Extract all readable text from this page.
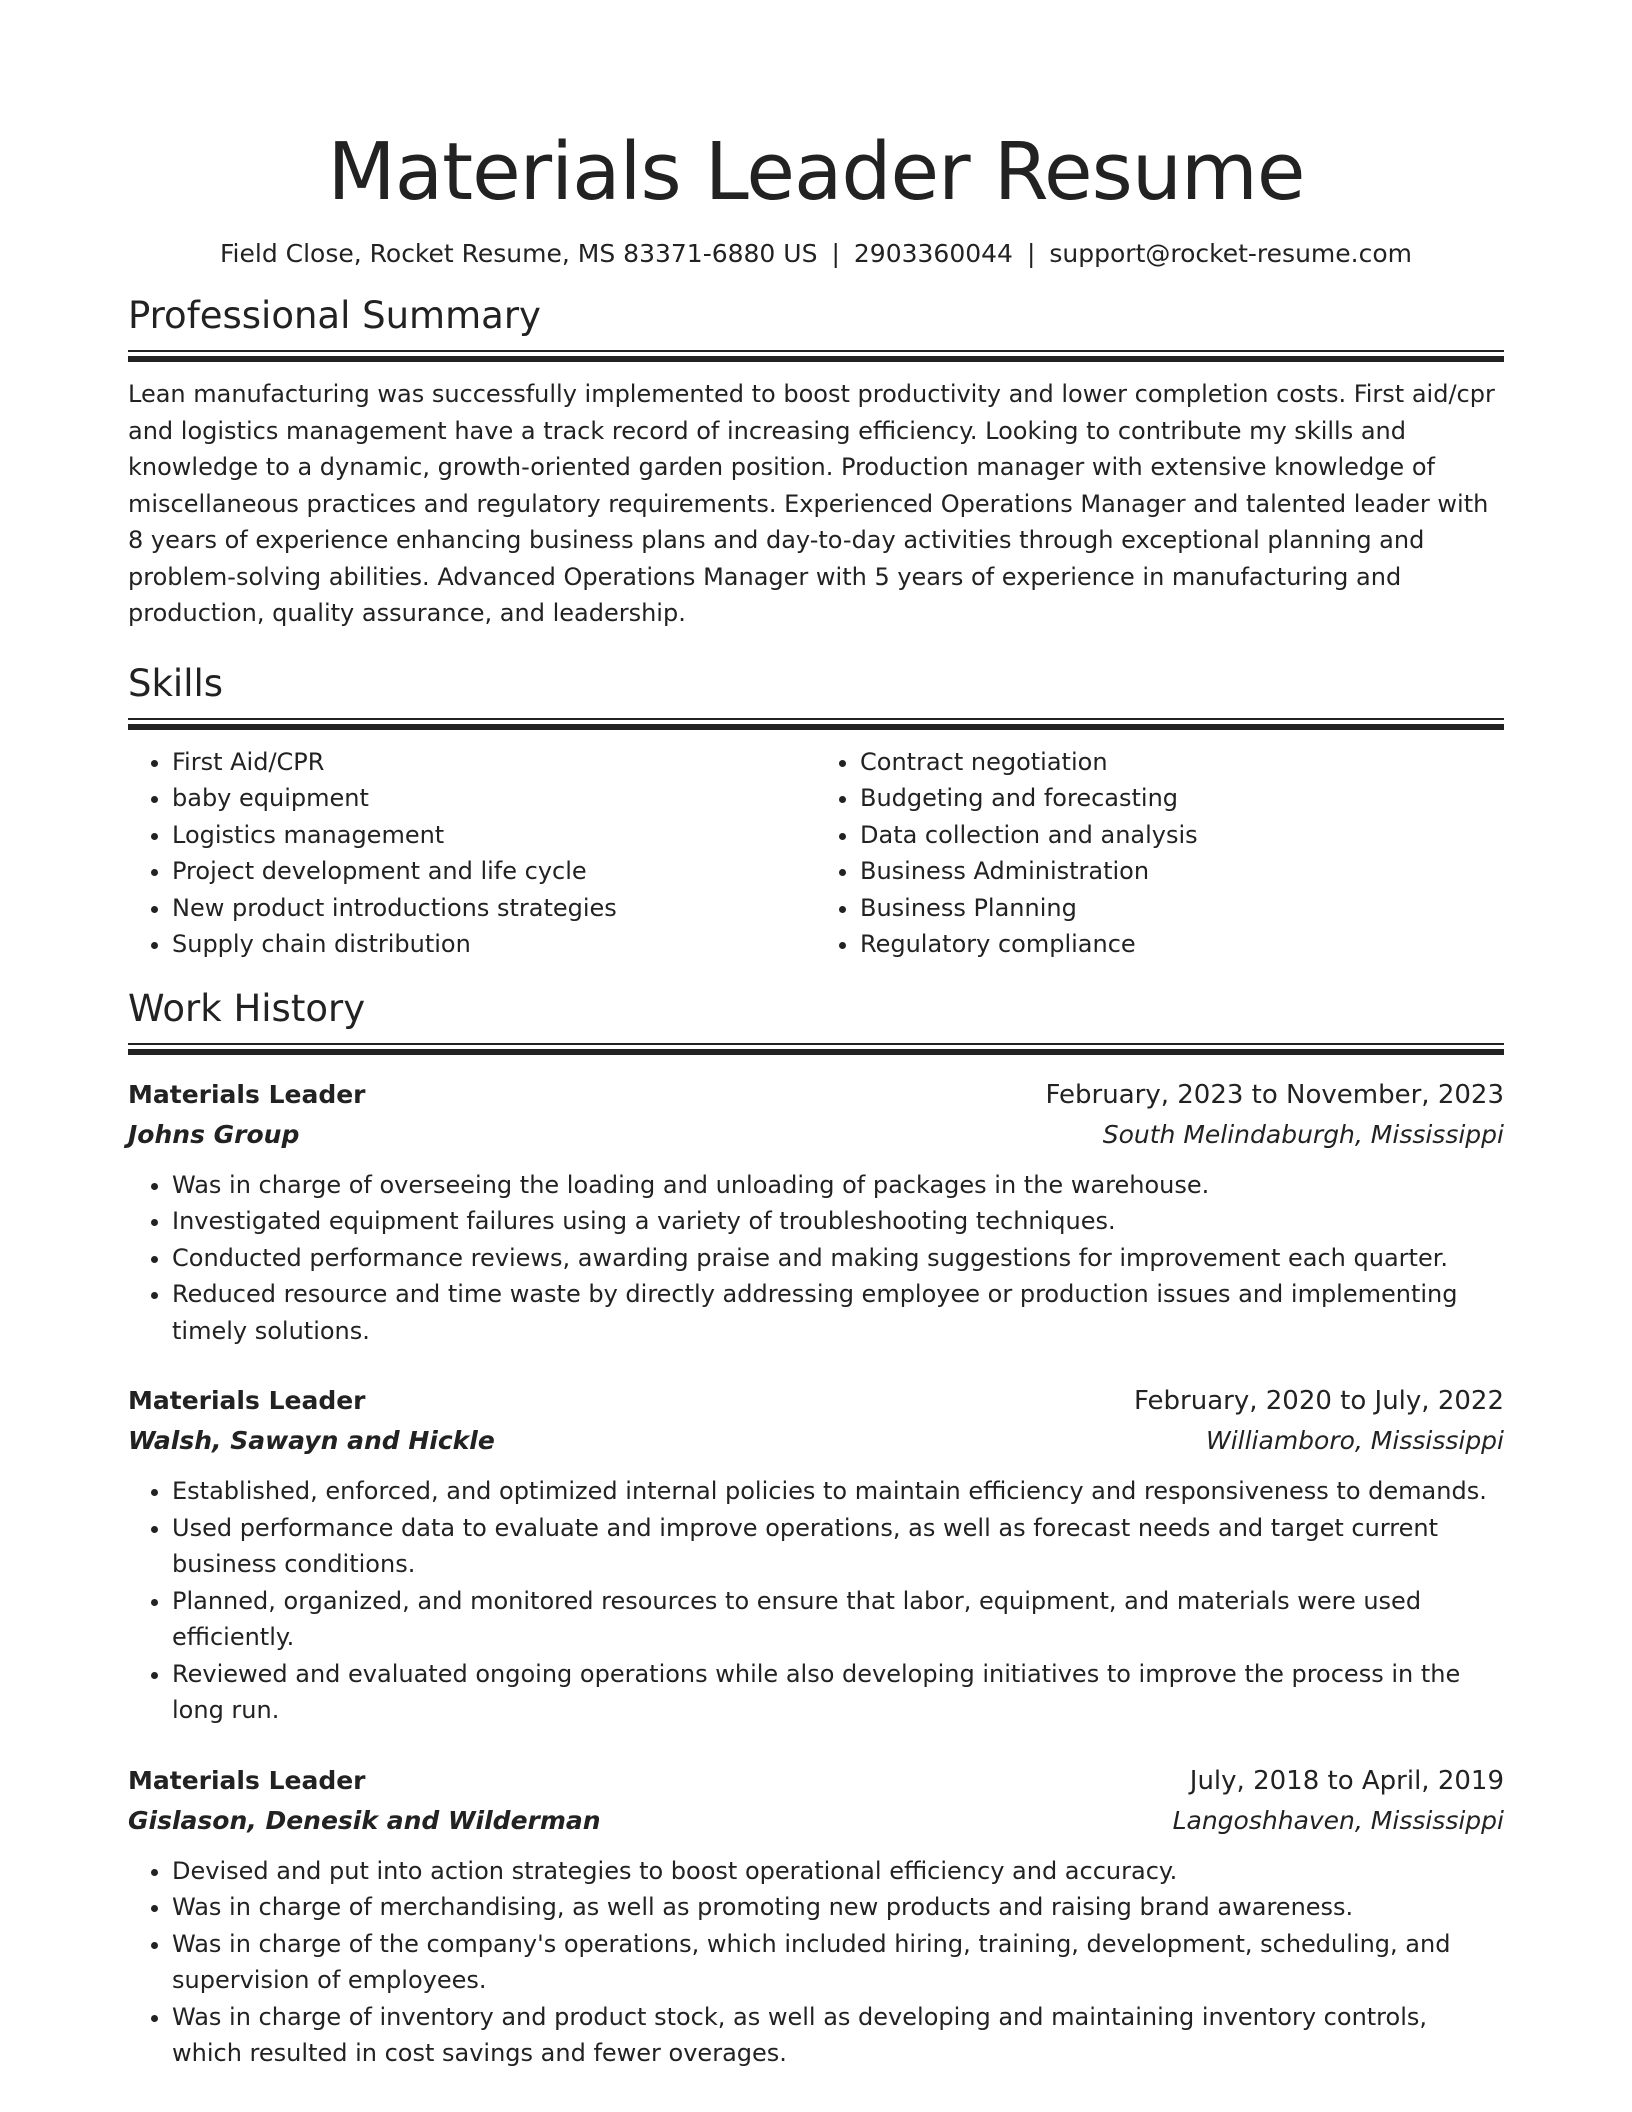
Materials Leader Resume
Field Close, Rocket Resume, MS 83371-6880 US | 2903360044 | support@rocket-resume.com
Professional Summary

Lean manufacturing was successfully implemented to boost productivity and lower completion costs. First aid/cpr and logistics management have a track record of increasing efficiency. Looking to contribute my skills and knowledge to a dynamic, growth-oriented garden position. Production manager with extensive knowledge of miscellaneous practices and regulatory requirements. Experienced Operations Manager and talented leader with 8 years of experience enhancing business plans and day-to-day activities through exceptional planning and problem-solving abilities. Advanced Operations Manager with 5 years of experience in manufacturing and production, quality assurance, and leadership.

Skills
• First Aid/CPR
• baby equipment
• Logistics management
• Project development and life cycle
• New product introductions strategies
• Supply chain distribution
• Contract negotiation
• Budgeting and forecasting
• Data collection and analysis
• Business Administration
• Business Planning
• Regulatory compliance
Work History
Materials Leader	February, 2023 to November, 2023
Johns Group	South Melindaburgh, Mississippi
• Was in charge of overseeing the loading and unloading of packages in the warehouse.
• Investigated equipment failures using a variety of troubleshooting techniques.
• Conducted performance reviews, awarding praise and making suggestions for improvement each quarter.
• Reduced resource and time waste by directly addressing employee or production issues and implementing timely solutions.
Materials Leader	February, 2020 to July, 2022
Walsh, Sawayn and Hickle	Williamboro, Mississippi
• Established, enforced, and optimized internal policies to maintain efficiency and responsiveness to demands.
• Used performance data to evaluate and improve operations, as well as forecast needs and target current business conditions.
• Planned, organized, and monitored resources to ensure that labor, equipment, and materials were used efficiently.
• Reviewed and evaluated ongoing operations while also developing initiatives to improve the process in the long run.
Materials Leader	July, 2018 to April, 2019
Gislason, Denesik and Wilderman	Langoshhaven, Mississippi
• Devised and put into action strategies to boost operational efficiency and accuracy.
• Was in charge of merchandising, as well as promoting new products and raising brand awareness.
• Was in charge of the company's operations, which included hiring, training, development, scheduling, and supervision of employees.
• Was in charge of inventory and product stock, as well as developing and maintaining inventory controls, which resulted in cost savings and fewer overages.
